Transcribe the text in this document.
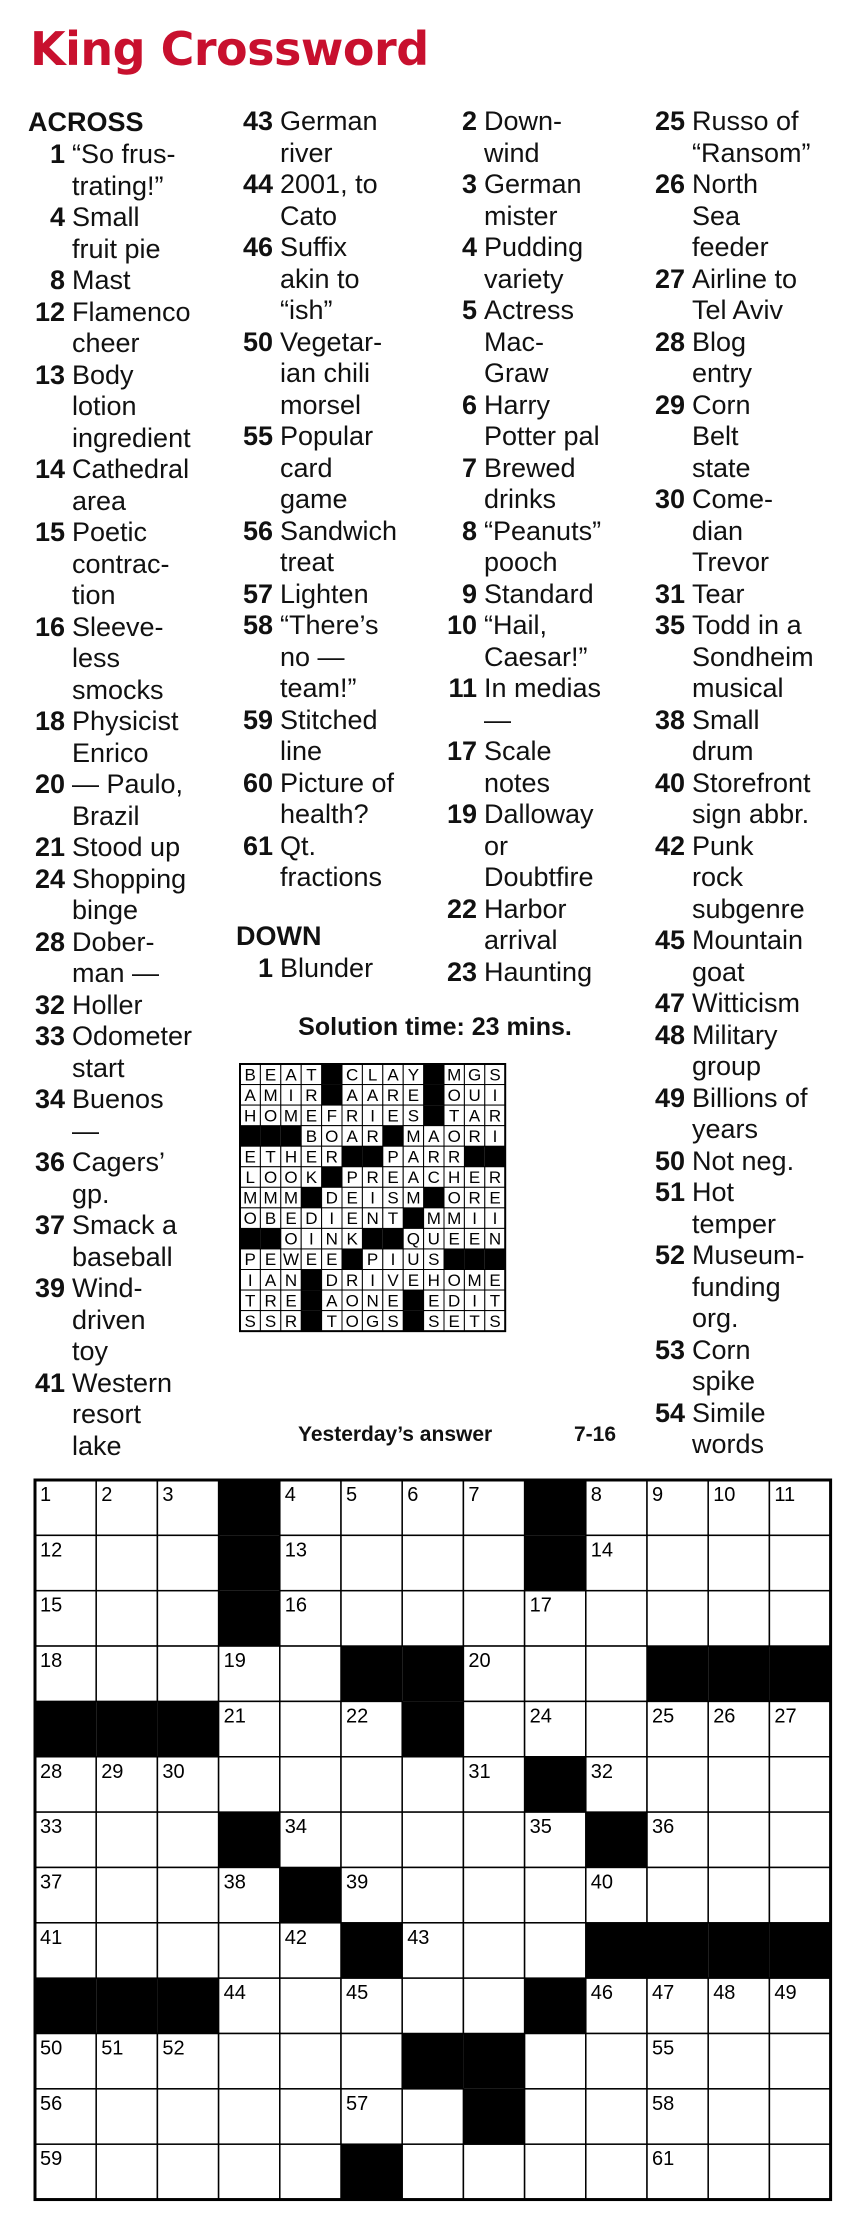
King Crossword
ACROSS
1 “So frus-
trating!”
4 Small
fruit pie
8 Mast
12 Flamenco
cheer
13 Body
lotion
ingredient
14 Cathedral
area
15 Poetic
contrac-
tion
16 Sleeve-
less
smocks
18 Physicist
Enrico
20 — Paulo,
Brazil
21 Stood up
24 Shopping
binge
28 Dober-
man —
32 Holler
33 Odometer
start
34 Buenos
—
36 Cagers’
gp.
37 Smack a
baseball
39 Wind-
driven
toy
41 Western
resort
lake
43 German
river
44 2001, to
Cato
46 Suffix
akin to
“ish”
50 Vegetar-
ian chili
morsel
55 Popular
card
game
56 Sandwich
treat
57 Lighten
58 “There’s
no —
team!”
59 Stitched
line
60 Picture of
health?
61 Qt.
fractions
DOWN
1 Blunder
2 Down-
wind
3 German
mister
4 Pudding
variety
5 Actress
Mac-
Graw
6 Harry
Potter pal
7 Brewed
drinks
8 “Peanuts”
pooch
9 Standard
10 “Hail,
Caesar!”
11 In medias
—
17 Scale
notes
19 Dalloway
or
Doubtfire
22 Harbor
arrival
23 Haunting
25 Russo of
“Ransom”
26 North
Sea
feeder
27 Airline to
Tel Aviv
28 Blog
entry
29 Corn
Belt
state
30 Come-
dian
Trevor
31 Tear
35 Todd in a
Sondheim
musical
38 Small
drum
40 Storefront
sign abbr.
42 Punk
rock
subgenre
45 Mountain
goat
47 Witticism
48 Military
group
49 Billions of
years
50 Not neg.
51 Hot
temper
52 Museum-
funding
org.
53 Corn
spike
54 Simile
words
Solution time: 23 mins.
B E A T C L A Y M G S
A M I R A A R E O U I
H O M E F R I E S T A R
B O A R M A O R I
E T H E R	P A R R
L O O K P R E A C H E R
M M M D E I S M O R E
O B E D I E N T M M I I
O I N K	Q U E E N
P E W E E P I U S
I A N D R I V E H O M E
T R E A O N E E D I T
S S R T O G S S E T S
Yesterday’s answer	7-16
1	2	3	4	5	6	7	8	9	10 11
12	13	14
15	16	17
18	19	20
21	22 23	24	25 26 27
28 29 30	31	32
33	34	35	36
37	38	39	40
41	42	43
44	45	46 47 48 49
50 51 52	53 54	55
56	57	58
59	60	61
